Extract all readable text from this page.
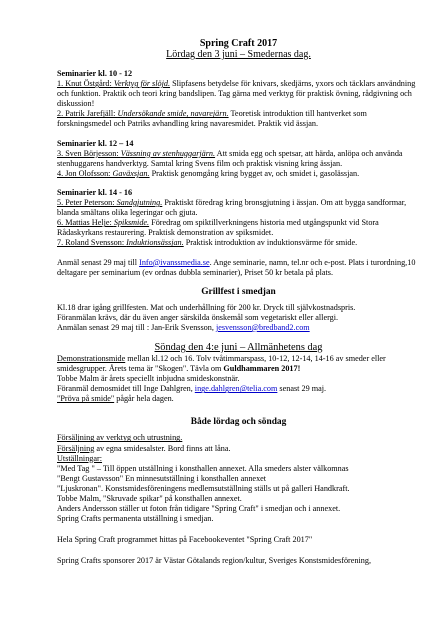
Spring Craft 2017
Lördag den 3 juni – Smedernas dag.
Seminarier kl. 10 - 12

1. Knut Östgård: Verktyg för slöjd. Slipfasens betydelse för knivars, skedjärns, yxors och täcklars användning och funktion. Praktik och teori kring bandslipen. Tag gärna med verktyg för praktisk övning, rådgivning och diskussion!

2. Patrik Jarefjäll: Undersökande smide, navarejärn. Teoretisk introduktion till hantverket som forskningsmedel och Patriks avhandling kring navaresmidet. Praktik vid ässjan.

Seminarier kl. 12 – 14

3. Sven Börjesson: Vässning av stenhuggarjärn. Att smida egg och spetsar, att härda, anlöpa och använda stenhuggarens handverktyg. Samtal kring Svens film och praktisk visning kring ässjan.

4. Jon Olofsson: Gaväxsjan. Praktisk genomgång kring bygget av, och smidet i, gasolässjan.

Seminarier kl. 14 - 16

5. Peter Peterson: Sandgjutning. Praktiskt föredrag kring bronsgjutning i ässjan. Om att bygga sandformar, blanda smältans olika legeringar och gjuta.

6. Mattias Helje: Spiksmide. Föredrag om spiktillverkningens historia med utgångspunkt vid Stora Rådaskyrkans restaurering. Praktisk demonstration av spiksmidet.

7. Roland Svensson: Induktionsässjan. Praktisk introduktion av induktionsvärme för smide.

Anmäl senast 29 maj till Info@ivanssmedia.se. Ange seminarie, namn, tel.nr och e-post. Plats i turordning,10 deltagare per seminarium (ev ordnas dubbla seminarier), Priset 50 kr betala på plats.

Grillfest i smedjan

Kl.18 drar igång grillfesten. Mat och underhållning för 200 kr. Dryck till självkostnadspris.

Föranmälan krävs, där du även anger särskilda önskemål som vegetariskt eller allergi.

Anmälan senast 29 maj till : Jan-Erik Svensson, jesvensson@bredband2.com

Söndag den 4:e juni – Allmänhetens dag

Demonstrationsmide mellan kl.12 och 16. Tolv tvåtimmarspass, 10-12, 12-14, 14-16 av smeder eller smidesgrupper. Årets tema är "Skogen". Tävla om Guldhammaren 2017!

Tobbe Malm är årets speciellt inbjudna smideskonstnär.

Föranmäl demosmidet till Inge Dahlgren, inge.dahlgren@telia.com senast 29 maj.

"Pröva på smide" pågår hela dagen.

Både lördag och söndag

Försäljning av verktyg och utrustning.

Försäljning av egna smidesalster. Bord finns att låna.

Utställningar:

"Med Tag " – Till öppen utställning i konsthallen annexet. Alla smeders alster välkomnas

"Bengt Gustavsson" En minnesutställning i konsthallen annexet

"Ljuskronan". Konstsmidesföreningens medlemsutställning ställs ut på galleri Handkraft.

Tobbe Malm, "Skruvade spikar" på konsthallen annexet.

Anders Andersson ställer ut foton från tidigare "Spring Craft" i smedjan och i annexet.

Spring Crafts permanenta utställning i smedjan.

Hela Spring Craft programmet hittas på Facebookeventet "Spring Craft 2017"

Spring Crafts sponsorer 2017 är Västar Götalands region/kultur, Sveriges Konstsmidesförening,
